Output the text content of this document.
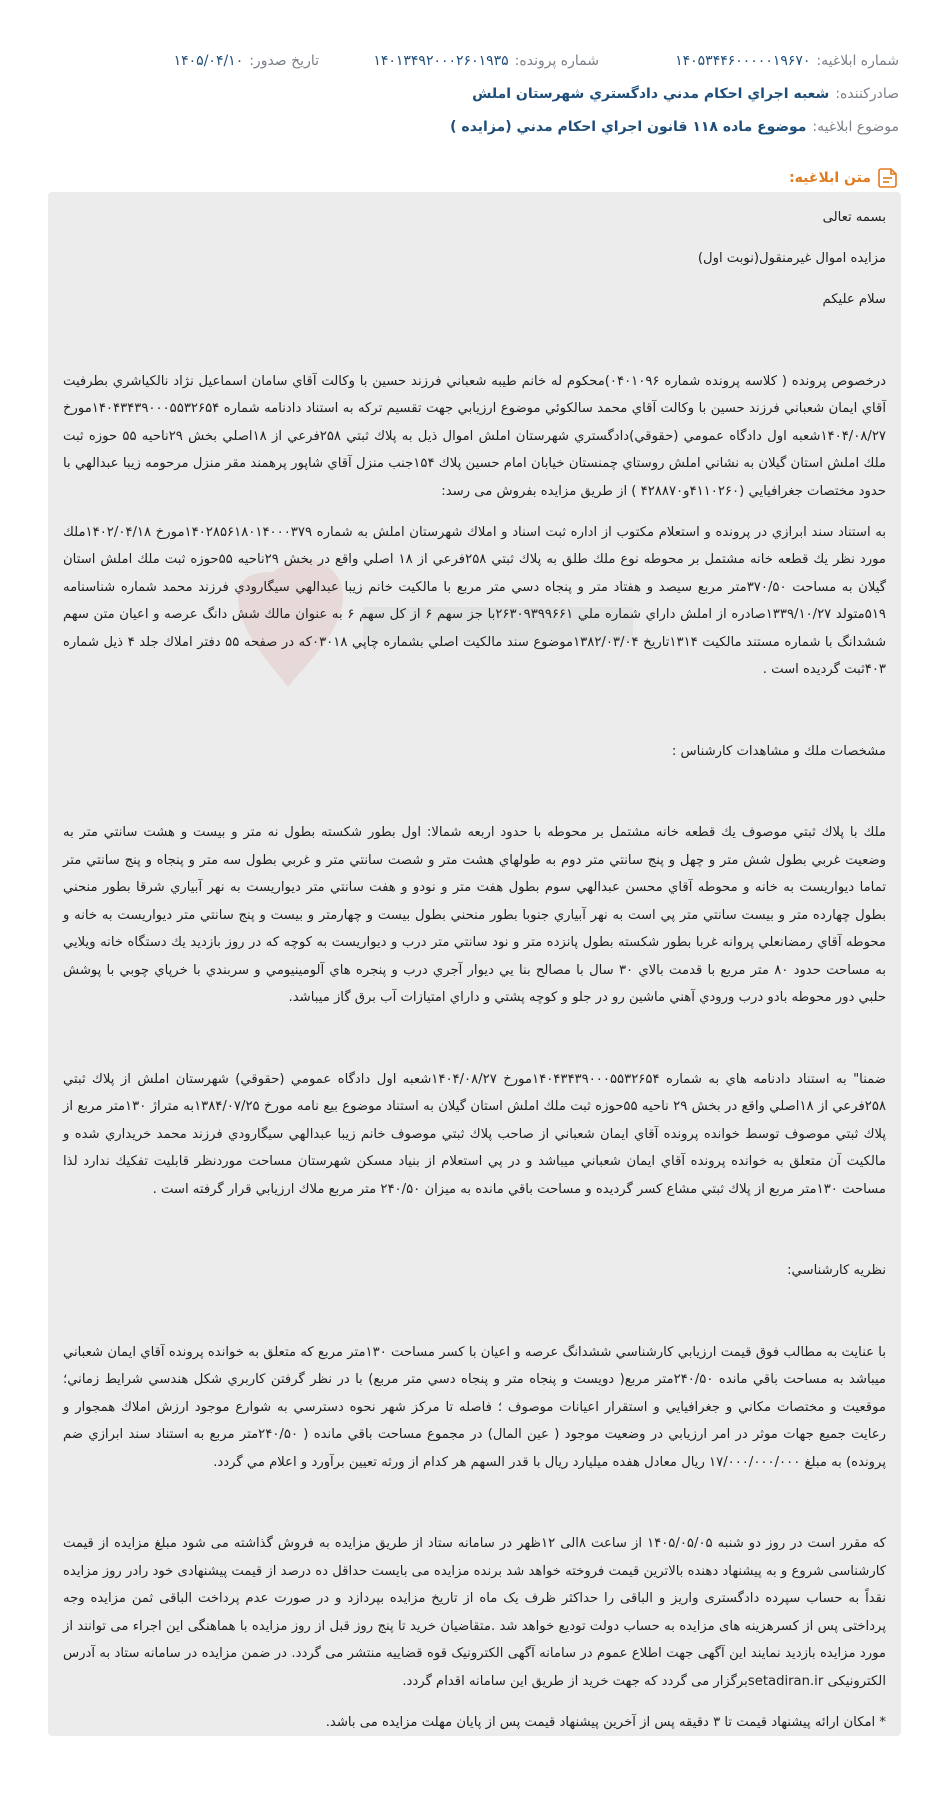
شماره ابلاغيه:
۱۴۰۵۳۴۴۶۰۰۰۰۰۱۹۶۷۰
شماره پرونده:
۱۴۰۱۳۴۹۲۰۰۰۲۶۰۱۹۳۵
تاريخ صدور:
۱۴۰۵/۰۴/۱۰
صادرکننده:
شعبه اجراي احكام مدني دادگستري شهرستان املش
موضوع ابلاغيه:
موضوع ماده ۱۱۸ قانون اجراي احكام مدني (مزايده )
متن ابلاغيه:

بسمه تعالی

مزايده اموال غيرمنقول(نوبت اول)

سلام عليكم

درخصوص پرونده ( كلاسه پرونده شماره ۰۴۰۱۰۹۶)محكوم له خانم طيبه شعباني فرزند حسين با وكالت آقاي سامان اسماعيل نژاد نالكياشري بطرفيت آقاي ايمان شعباني فرزند حسين با وكالت آقاي محمد سالكوئي موضوع ارزيابي جهت تقسيم تركه به استناد دادنامه شماره ۱۴۰۴۳۴۳۹۰۰۰۵۵۳۲۶۵۴مورخ ۱۴۰۴/۰۸/۲۷شعبه اول دادگاه عمومي (حقوقي)دادگستري شهرستان املش اموال ذيل به پلاك ثبتي ۲۵۸فرعي از ۱۸اصلي بخش ۲۹ناحيه ۵۵ حوزه ثبت ملك املش استان گيلان به نشاني املش روستاي چمنستان خيابان امام حسين پلاك ۱۵۴جنب منزل آقاي شاپور پرهمند مقر منزل مرحومه زيبا عبدالهي با حدود مختصات جغرافيايي (۴۱۱۰۲۶۰و۴۲۸۸۷۰ ) از طريق مزايده بفروش مى رسد:

به استناد سند ابرازي در پرونده و استعلام مكتوب از اداره ثبت اسناد و املاك شهرستان املش به شماره ۱۴۰۲۸۵۶۱۸۰۱۴۰۰۰۳۷۹مورخ ۱۴۰۲/۰۴/۱۸ملك مورد نظر يك قطعه خانه مشتمل بر محوطه نوع ملك طلق به پلاك ثبتي ۲۵۸فرعي از ۱۸ اصلي واقع در بخش ۲۹ناحيه ۵۵حوزه ثبت ملك املش استان گيلان به مساحت ۳۷۰/۵۰متر مربع سيصد و هفتاد متر و پنجاه دسي متر مربع با مالكيت خانم زيبا عبدالهي سيگارودي فرزند محمد شماره شناسنامه ۵۱۹متولد ۱۳۳۹/۱۰/۲۷صادره از املش داراي شماره ملي ۲۶۳۰۹۳۹۹۶۶۱با جز سهم ۶ از كل سهم ۶ به عنوان مالك شش دانگ عرصه و اعيان متن سهم ششدانگ با شماره مستند مالكيت ۱۳۱۴تاريخ ۱۳۸۲/۰۳/۰۴موضوع سند مالكيت اصلي بشماره چاپي ۰۳۰۱۸كه در صفحه ۵۵ دفتر املاك جلد ۴ ذيل شماره ۴۰۳ثبت گرديده است .

مشخصات ملك و مشاهدات كارشناس :

ملك با پلاك ثبتي موصوف يك قطعه خانه مشتمل بر محوطه با حدود اربعه شمالا: اول بطور شكسته بطول نه متر و بيست و هشت سانتي متر به وضعيت غربي بطول شش متر و چهل و پنج سانتي متر دوم به طولهاي هشت متر و شصت سانتي متر و غربي بطول سه متر و پنجاه و پنج سانتي متر تماما ديواريست به خانه و محوطه آقاي محسن عبدالهي سوم بطول هفت متر و نودو و هفت سانتي متر ديواريست به نهر آبياري شرقا بطور منحني بطول چهارده متر و بيست سانتي متر پي است به نهر آبياري جنوبا بطور منحني بطول بيست و چهارمتر و بيست و پنج سانتي متر ديواريست به خانه و محوطه آقاي رمضانعلي پروانه غربا بطور شكسته بطول پانزده متر و نود سانتي متر درب و ديواريست به كوچه كه در روز بازديد يك دستگاه خانه ويلايي به مساحت حدود ۸۰ متر مربع با قدمت بالاي ۳۰ سال با مصالح بنا يي ديوار آجري درب و پنجره هاي آلومينيومي و سربندي با خرپاي چوبي با پوشش حلبي دور محوطه بادو درب ورودي آهني ماشين رو در جلو و كوچه پشتي و داراي امتيازات آب برق گاز ميباشد.

ضمنا" به استناد دادنامه هاي به شماره ۱۴۰۴۳۴۳۹۰۰۰۵۵۳۲۶۵۴مورخ ۱۴۰۴/۰۸/۲۷شعبه اول دادگاه عمومي (حقوقي) شهرستان املش از پلاك ثبتي ۲۵۸فرعي از ۱۸اصلي واقع در بخش ۲۹ ناحيه ۵۵حوزه ثبت ملك املش استان گيلان به استناد موضوع بيع نامه مورخ ۱۳۸۴/۰۷/۲۵به متراژ ۱۳۰متر مربع از پلاك ثبتي موصوف توسط خوانده پرونده آقاي ايمان شعباني از صاحب پلاك ثبتي موصوف خانم زيبا عبدالهي سيگارودي فرزند محمد خريداري شده و مالكيت آن متعلق به خوانده پرونده آقاي ايمان شعباني ميباشد و در پي استعلام از بنياد مسكن شهرستان مساحت موردنظر قابليت تفكيك ندارد لذا مساحت ۱۳۰متر مربع از پلاك ثبتي مشاع كسر گرديده و مساحت باقي مانده به ميزان ۲۴۰/۵۰ متر مربع ملاك ارزيابي قرار گرفته است .

نظريه كارشناسي:

با عنايت به مطالب فوق قيمت ارزيابي كارشناسي ششدانگ عرصه و اعيان با كسر مساحت ۱۳۰متر مربع كه متعلق به خوانده پرونده آقاي ايمان شعباني ميباشد به مساحت باقي مانده ۲۴۰/۵۰متر مربع( دويست و پنجاه متر و پنجاه دسي متر مربع) با در نظر گرفتن كاربري شكل هندسي شرايط زماني؛ موقعيت و مختصات مكاني و جغرافيايي و استقرار اعيانات موصوف ؛ فاصله تا مركز شهر نحوه دسترسي به شوارع موجود ارزش املاك همجوار و رعايت جميع جهات موثر در امر ارزيابي در وضعيت موجود ( عين المال) در مجموع مساحت باقي مانده ( ۲۴۰/۵۰متر مربع به استناد سند ابرازي ضم پرونده) به مبلغ ۱۷/۰۰۰/۰۰۰/۰۰۰ ريال معادل هفده ميليارد ريال با قدر السهم هر كدام از ورثه تعيين برآورد و اعلام مي گردد.

كه مقرر است در روز دو شنبه ۱۴۰۵/۰۵/۰۵ از ساعت ۸الی ۱۲ظهر در سامانه ستاد از طريق مزايده به فروش گذاشته می شود مبلغ مزايده از قيمت كارشناسی شروع و به پيشنهاد دهنده بالاترين قيمت فروخته خواهد شد برنده مزايده می بايست حداقل ده درصد از قيمت پيشنهادی خود رادر روز مزايده نقداً به حساب سپرده دادگستری واريز و الباقی را حداكثر ظرف يک ماه از تاريخ مزايده بپردازد و در صورت عدم پرداخت الباقی ثمن مزايده وجه پرداختی پس از كسرهزينه های مزايده به حساب دولت توديع خواهد شد .متقاضيان خريد تا پنج روز قبل از روز مزايده با هماهنگی اين اجراء می توانند از مورد مزايده بازديد نمايند اين آگهی جهت اطلاع عموم در سامانه آگهی الكترونيک قوه قضاييه منتشر می گردد. در ضمن مزايده در سامانه ستاد به آدرس الكترونيكی setadiran.irبرگزار می گردد كه جهت خريد از طريق اين سامانه اقدام گردد.

* امكان ارائه پيشنهاد قيمت تا ۳ دقيقه پس از آخرين پيشنهاد قيمت پس از پايان مهلت مزايده می باشد.
